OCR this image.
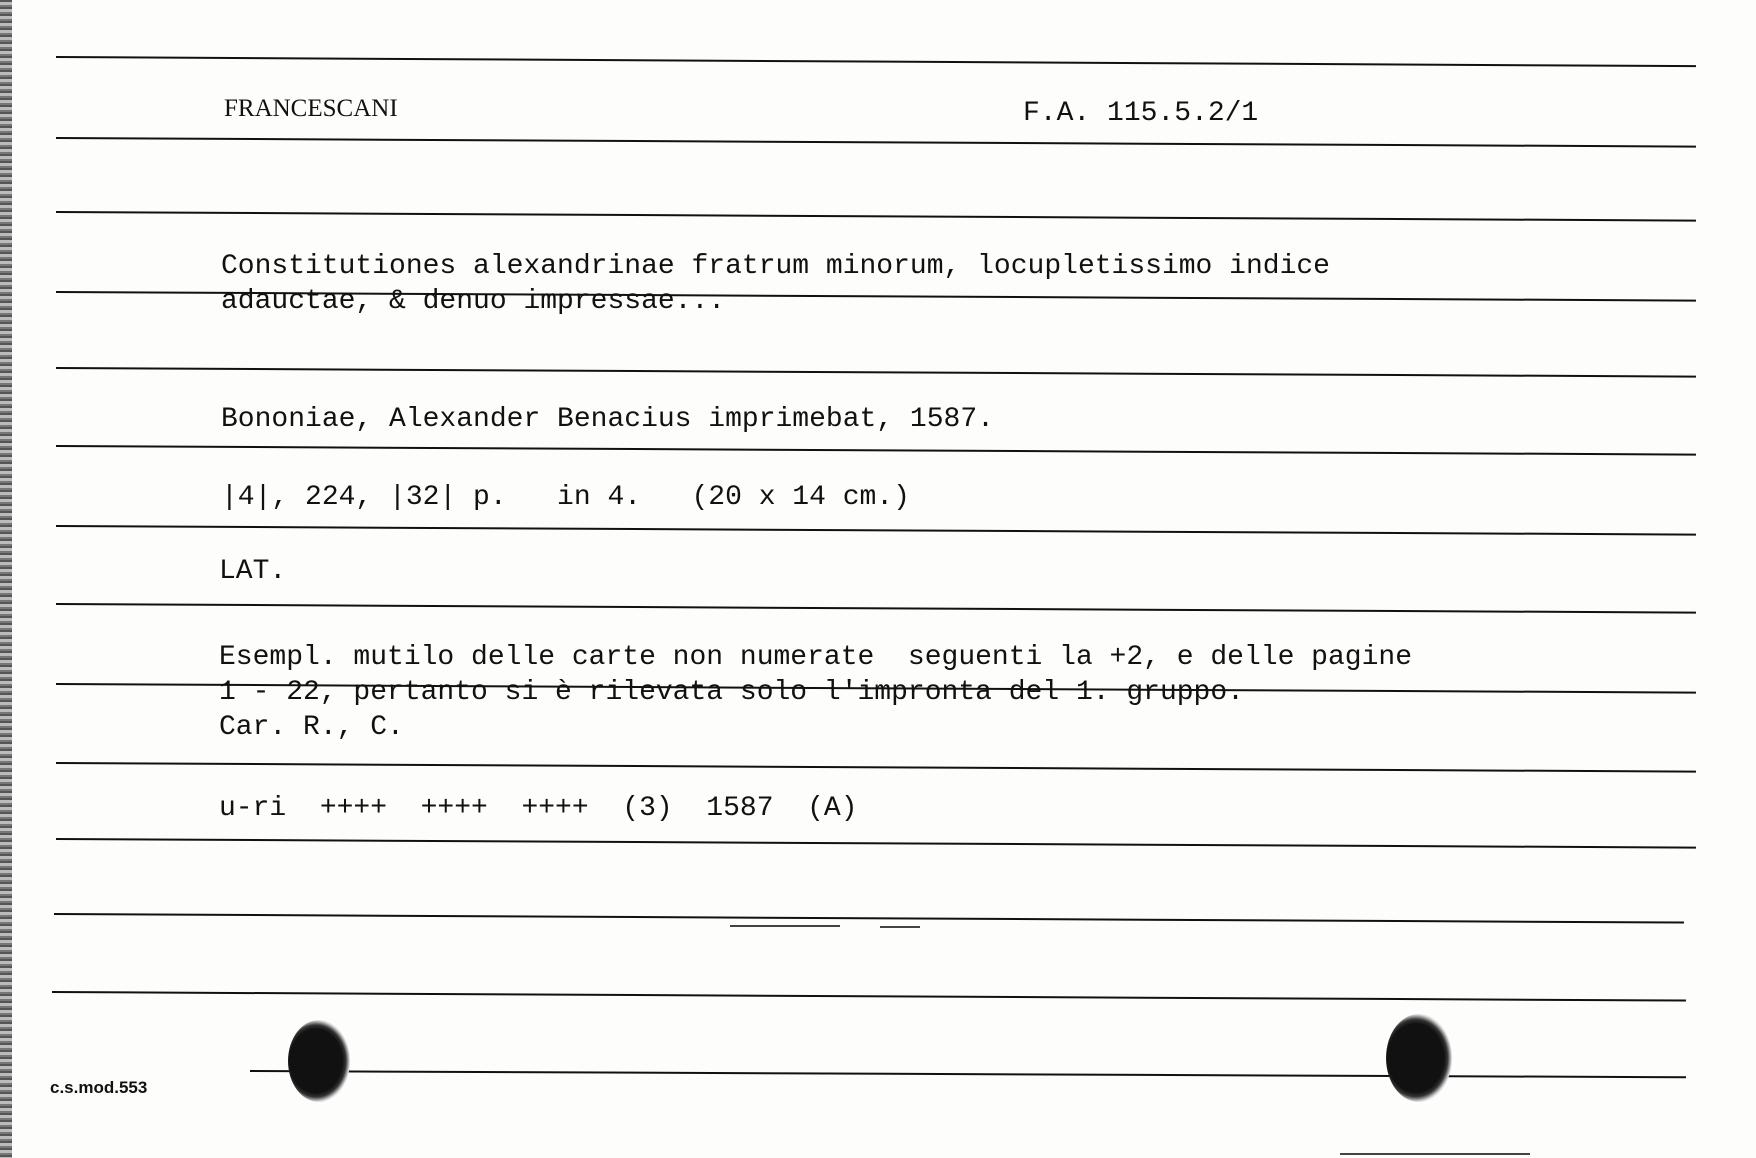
FRANCESCANI	F.A. 115.5.2/1
Constitutiones alexandrinae fratrum minorum, locupletissimo indice
adauctae, & denuo impressae...
Bononiae, Alexander Benacius imprimebat, 1587.
|4|, 224, |32| p.   in 4.   (20 x 14 cm.)
LAT.
Esempl. mutilo delle carte non numerate  seguenti la +2, e delle pagine
1 - 22, pertanto si è rilevata solo l'impronta del 1. gruppo.
Car. R., C.
u-ri  ++++  ++++  ++++  (3)  1587  (A)
c.s.mod.553
